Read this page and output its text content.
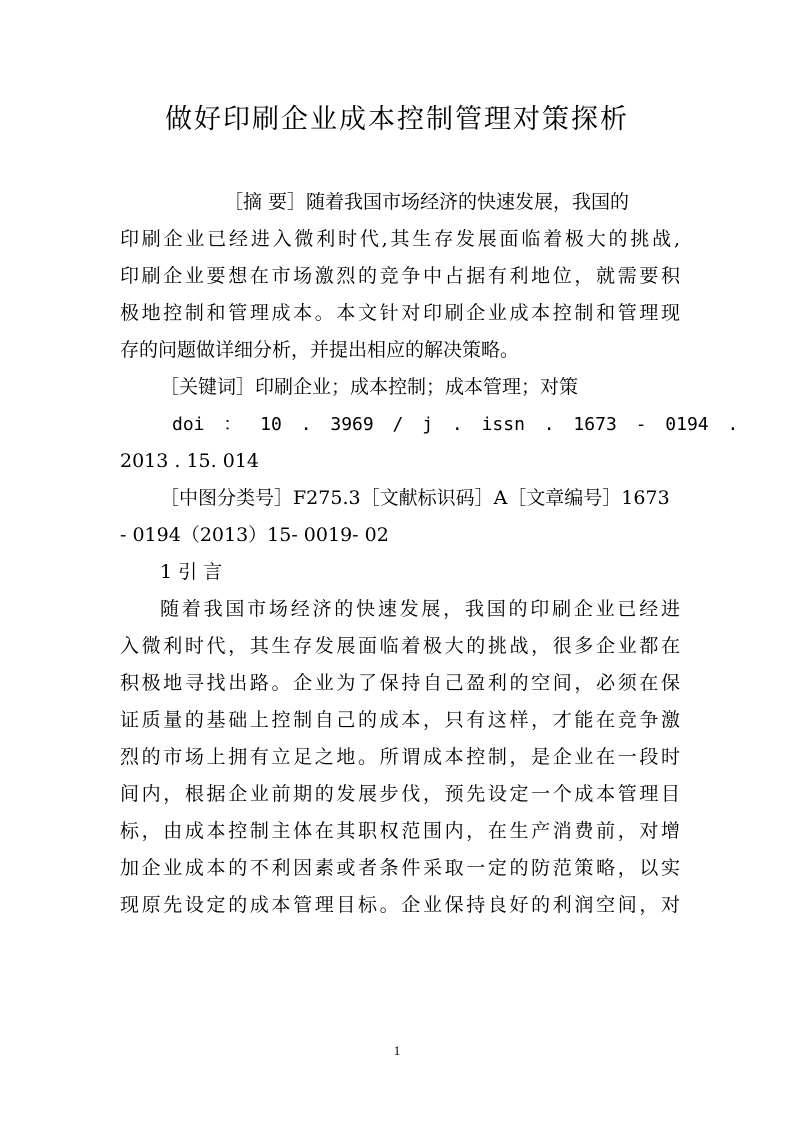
做好印刷企业成本控制管理对策探析
［摘 要］随着我国市场经济的快速发展，我国的
印刷企业已经进入微利时代,其生存发展面临着极大的挑战,
印刷企业要想在市场激烈的竞争中占据有利地位，就需要积
极地控制和管理成本。本文针对印刷企业成本控制和管理现
存的问题做详细分析，并提出相应的解决策略。
［关键词］印刷企业；成本控制；成本管理；对策
doi ： 10 . 3969 / j . issn . 1673 - 0194 .
2013 . 15. 014
［中图分类号］F275.3［文献标识码］A［文章编号］1673
- 0194（2013）15- 0019- 02
1 引 言
随着我国市场经济的快速发展，我国的印刷企业已经进
入微利时代，其生存发展面临着极大的挑战，很多企业都在
积极地寻找出路。企业为了保持自己盈利的空间，必须在保
证质量的基础上控制自己的成本，只有这样，才能在竞争激
烈的市场上拥有立足之地。所谓成本控制，是企业在一段时
间内，根据企业前期的发展步伐，预先设定一个成本管理目
标，由成本控制主体在其职权范围内，在生产消费前，对增
加企业成本的不利因素或者条件采取一定的防范策略，以实
现原先设定的成本管理目标。企业保持良好的利润空间，对
1
